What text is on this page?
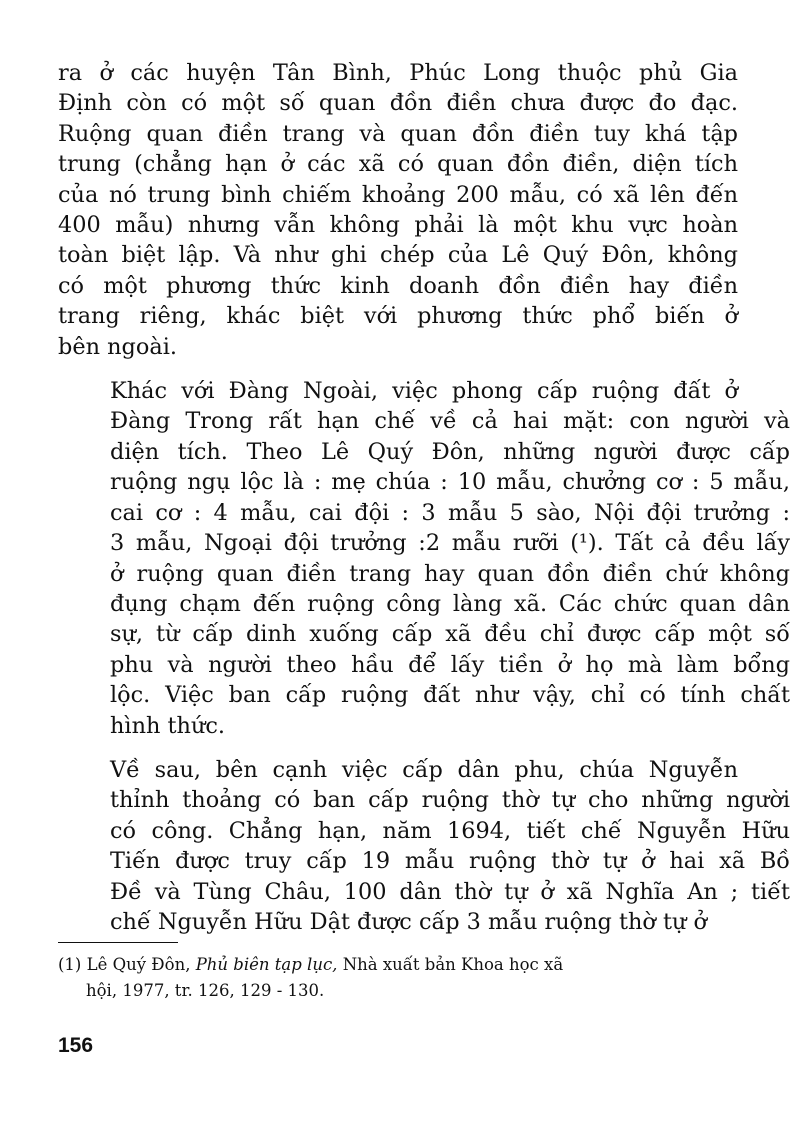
ra ở các huyện Tân Bình, Phúc Long thuộc phủ Gia
Định còn có một số quan đồn điền chưa được đo đạc.
Ruộng quan điền trang và quan đồn điền tuy khá tập
trung (chẳng hạn ở các xã có quan đồn điền, diện tích
của nó trung bình chiếm khoảng 200 mẫu, có xã lên đến
400 mẫu) nhưng vẫn không phải là một khu vực hoàn
toàn biệt lập. Và như ghi chép của Lê Quý Đôn, không
có một phương thức kinh doanh đồn điền hay điền
trang riêng, khác biệt với phương thức phổ biến ở
bên ngoài.
Khác với Đàng Ngoài, việc phong cấp ruộng đất ở
Đàng Trong rất hạn chế về cả hai mặt: con người và
diện tích. Theo Lê Quý Đôn, những người được cấp
ruộng ngụ lộc là : mẹ chúa : 10 mẫu, chưởng cơ : 5 mẫu,
cai cơ : 4 mẫu, cai đội : 3 mẫu 5 sào, Nội đội trưởng :
3 mẫu, Ngoại đội trưởng :2 mẫu rưỡi (¹). Tất cả đều lấy
ở ruộng quan điền trang hay quan đồn điền chứ không
đụng chạm đến ruộng công làng xã. Các chức quan dân
sự, từ cấp dinh xuống cấp xã đều chỉ được cấp một số
phu và người theo hầu để lấy tiền ở họ mà làm bổng
lộc. Việc ban cấp ruộng đất như vậy, chỉ có tính chất
hình thức.
Về sau, bên cạnh việc cấp dân phu, chúa Nguyễn
thỉnh thoảng có ban cấp ruộng thờ tự cho những người
có công. Chẳng hạn, năm 1694, tiết chế Nguyễn Hữu
Tiến được truy cấp 19 mẫu ruộng thờ tự ở hai xã Bồ
Đề và Tùng Châu, 100 dân thờ tự ở xã Nghĩa An ; tiết
chế Nguyễn Hữu Dật được cấp 3 mẫu ruộng thờ tự ở
(1) Lê Quý Đôn, Phủ biên tạp lục, Nhà xuất bản Khoa học xã
hội, 1977, tr. 126, 129 - 130.
156
